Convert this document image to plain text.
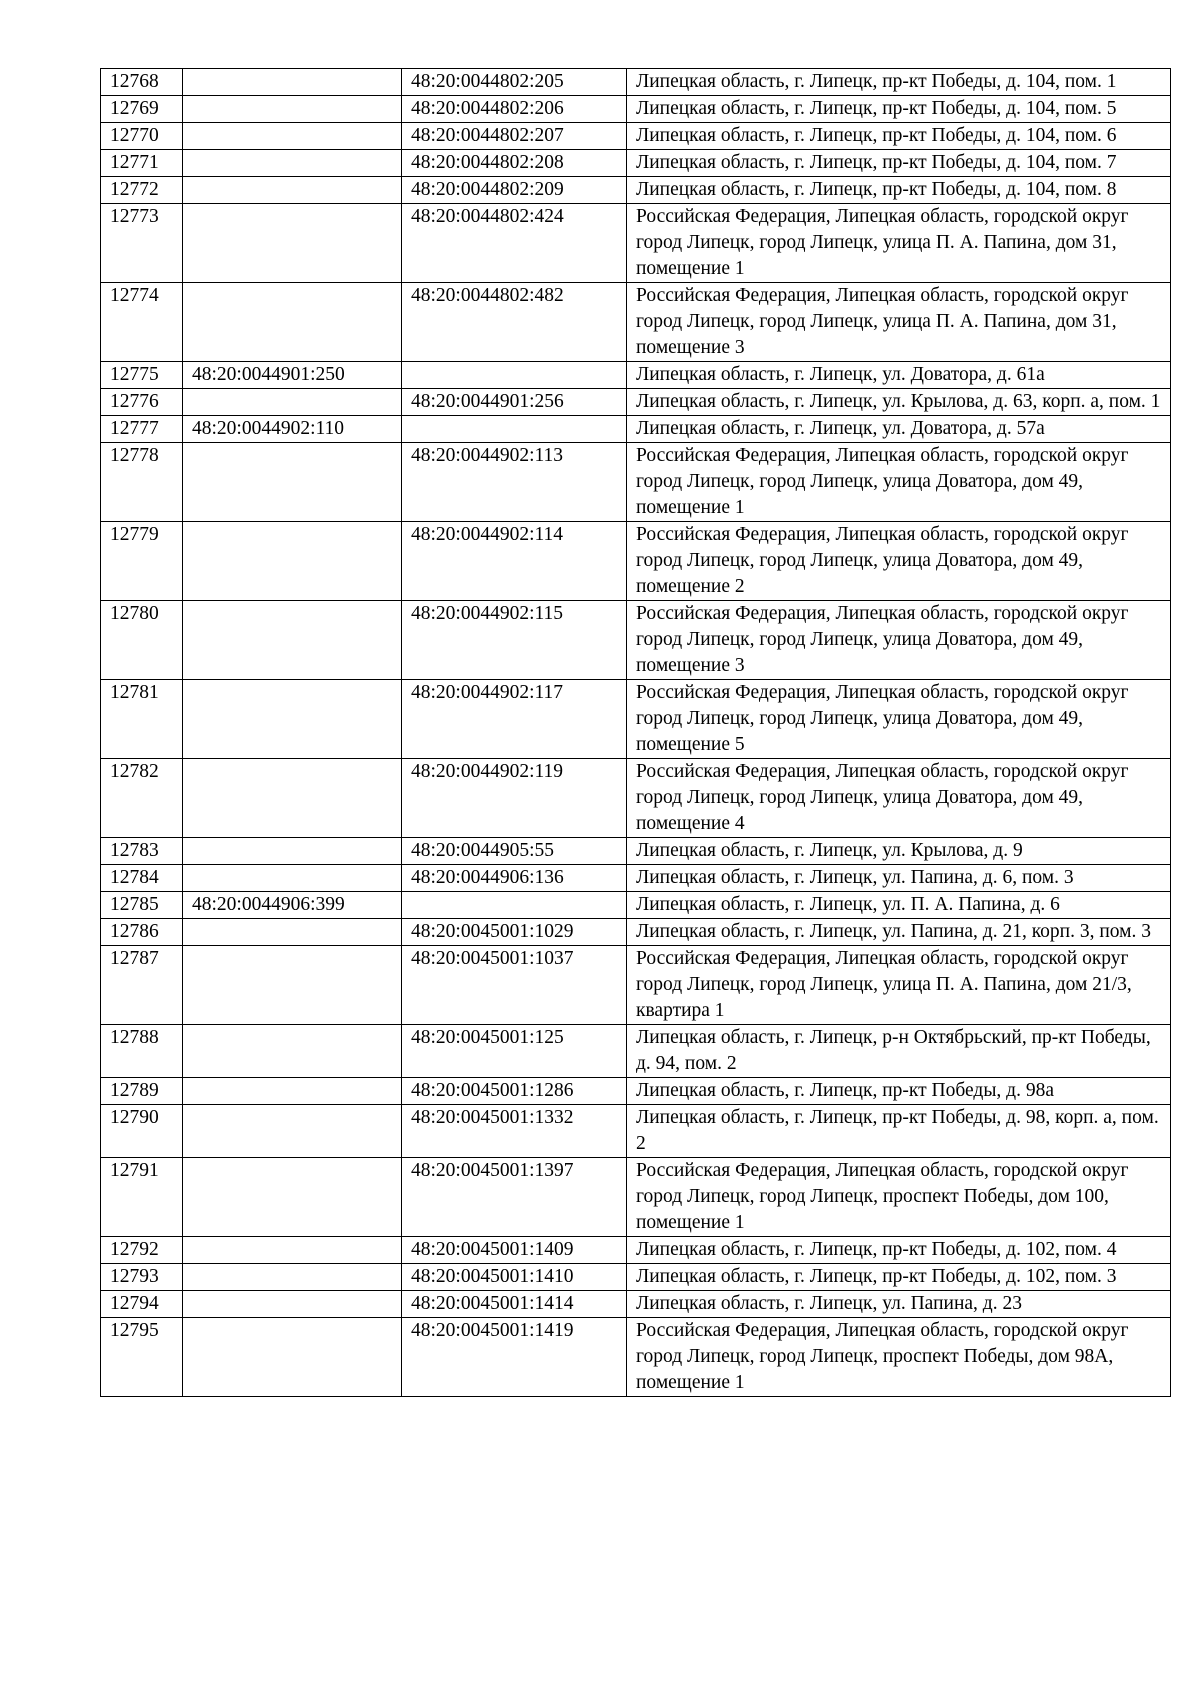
12768		48:20:0044802:205	Липецкая область, г. Липецк, пр-кт Победы, д. 104, пом. 1
12769		48:20:0044802:206	Липецкая область, г. Липецк, пр-кт Победы, д. 104, пом. 5
12770		48:20:0044802:207	Липецкая область, г. Липецк, пр-кт Победы, д. 104, пом. 6
12771		48:20:0044802:208	Липецкая область, г. Липецк, пр-кт Победы, д. 104, пом. 7
12772		48:20:0044802:209	Липецкая область, г. Липецк, пр-кт Победы, д. 104, пом. 8
12773		48:20:0044802:424	Российская Федерация, Липецкая область, городской округ город Липецк, город Липецк, улица П. А. Папина, дом 31, помещение 1
12774		48:20:0044802:482	Российская Федерация, Липецкая область, городской округ город Липецк, город Липецк, улица П. А. Папина, дом 31, помещение 3
12775	48:20:0044901:250		Липецкая область, г. Липецк, ул. Доватора, д. 61а
12776		48:20:0044901:256	Липецкая область, г. Липецк, ул. Крылова, д. 63, корп. а, пом. 1
12777	48:20:0044902:110		Липецкая область, г. Липецк, ул. Доватора, д. 57а
12778		48:20:0044902:113	Российская Федерация, Липецкая область, городской округ город Липецк, город Липецк, улица Доватора, дом 49, помещение 1
12779		48:20:0044902:114	Российская Федерация, Липецкая область, городской округ город Липецк, город Липецк, улица Доватора, дом 49, помещение 2
12780		48:20:0044902:115	Российская Федерация, Липецкая область, городской округ город Липецк, город Липецк, улица Доватора, дом 49, помещение 3
12781		48:20:0044902:117	Российская Федерация, Липецкая область, городской округ город Липецк, город Липецк, улица Доватора, дом 49, помещение 5
12782		48:20:0044902:119	Российская Федерация, Липецкая область, городской округ город Липецк, город Липецк, улица Доватора, дом 49, помещение 4
12783		48:20:0044905:55	Липецкая область, г. Липецк, ул. Крылова, д. 9
12784		48:20:0044906:136	Липецкая область, г. Липецк, ул. Папина, д. 6, пом. 3
12785	48:20:0044906:399		Липецкая область, г. Липецк, ул. П. А. Папина, д. 6
12786		48:20:0045001:1029	Липецкая область, г. Липецк, ул. Папина, д. 21, корп. 3, пом. 3
12787		48:20:0045001:1037	Российская Федерация, Липецкая область, городской округ город Липецк, город Липецк, улица П. А. Папина, дом 21/3, квартира 1
12788		48:20:0045001:125	Липецкая область, г. Липецк, р-н Октябрьский, пр-кт Победы, д. 94, пом. 2
12789		48:20:0045001:1286	Липецкая область, г. Липецк, пр-кт Победы, д. 98а
12790		48:20:0045001:1332	Липецкая область, г. Липецк, пр-кт Победы, д. 98, корп. а, пом. 2
12791		48:20:0045001:1397	Российская Федерация, Липецкая область, городской округ город Липецк, город Липецк, проспект Победы, дом 100, помещение 1
12792		48:20:0045001:1409	Липецкая область, г. Липецк, пр-кт Победы, д. 102, пом. 4
12793		48:20:0045001:1410	Липецкая область, г. Липецк, пр-кт Победы, д. 102, пом. 3
12794		48:20:0045001:1414	Липецкая область, г. Липецк, ул. Папина, д. 23
12795		48:20:0045001:1419	Российская Федерация, Липецкая область, городской округ город Липецк, город Липецк, проспект Победы, дом 98А, помещение 1
